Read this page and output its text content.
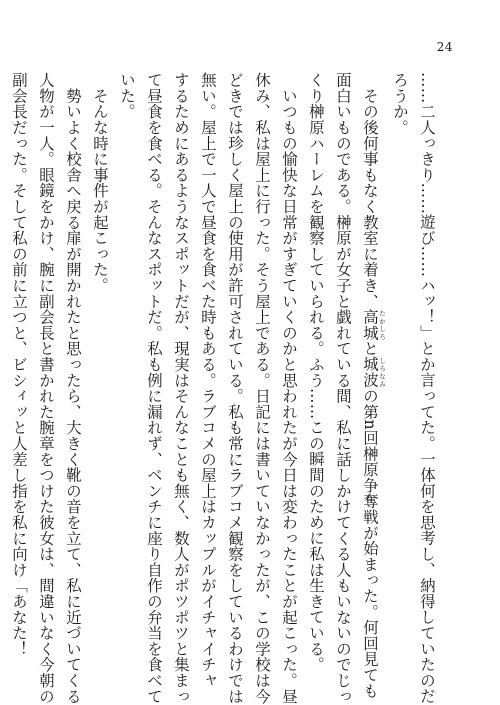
24
……二人っきり……遊び……ハッ！」とか言ってた。一体何を思考し、納得していたのだ
ろうか。
　その後何事もなく教室に着き、高城 たかしろと城波 しろなみの第n回榊原争奪戦が始まった。何回見ても
面白いものである。榊原が女子と戯れている間、私に話しかけてくる人もいないのでじっ
くり榊原ハーレムを観察していられる。ふう……この瞬間のために私は生きている。
　いつもの愉快な日常がすぎていくのかと思われたが今日は変わったことが起こった。昼
休み、私は屋上に行った。そう屋上である。日記には書いていなかったが、この学校は今
どきでは珍しく屋上の使用が許可されている。私も常にラブコメ観察をしているわけでは
無い。屋上で一人で昼食を食べた時もある。ラブコメの屋上はカップルがイチャイチャ
するためにあるようなスポットだが、現実はそんなことも無く、数人がポツポツと集まっ
て昼食を食べる。そんなスポットだ。私も例に漏れず、ベンチに座り自作の弁当を食べて
いた。
　そんな時に事件が起こった。
　勢いよく校舎へ戻る扉が開かれたと思ったら、大きく靴の音を立て、私に近づいてくる
人物が一人。眼鏡をかけ、腕に副会長と書かれた腕章をつけた彼女は、間違いなく今朝の
副会長だった。そして私の前に立つと、ビシィッと人差し指を私に向け「あなた！
